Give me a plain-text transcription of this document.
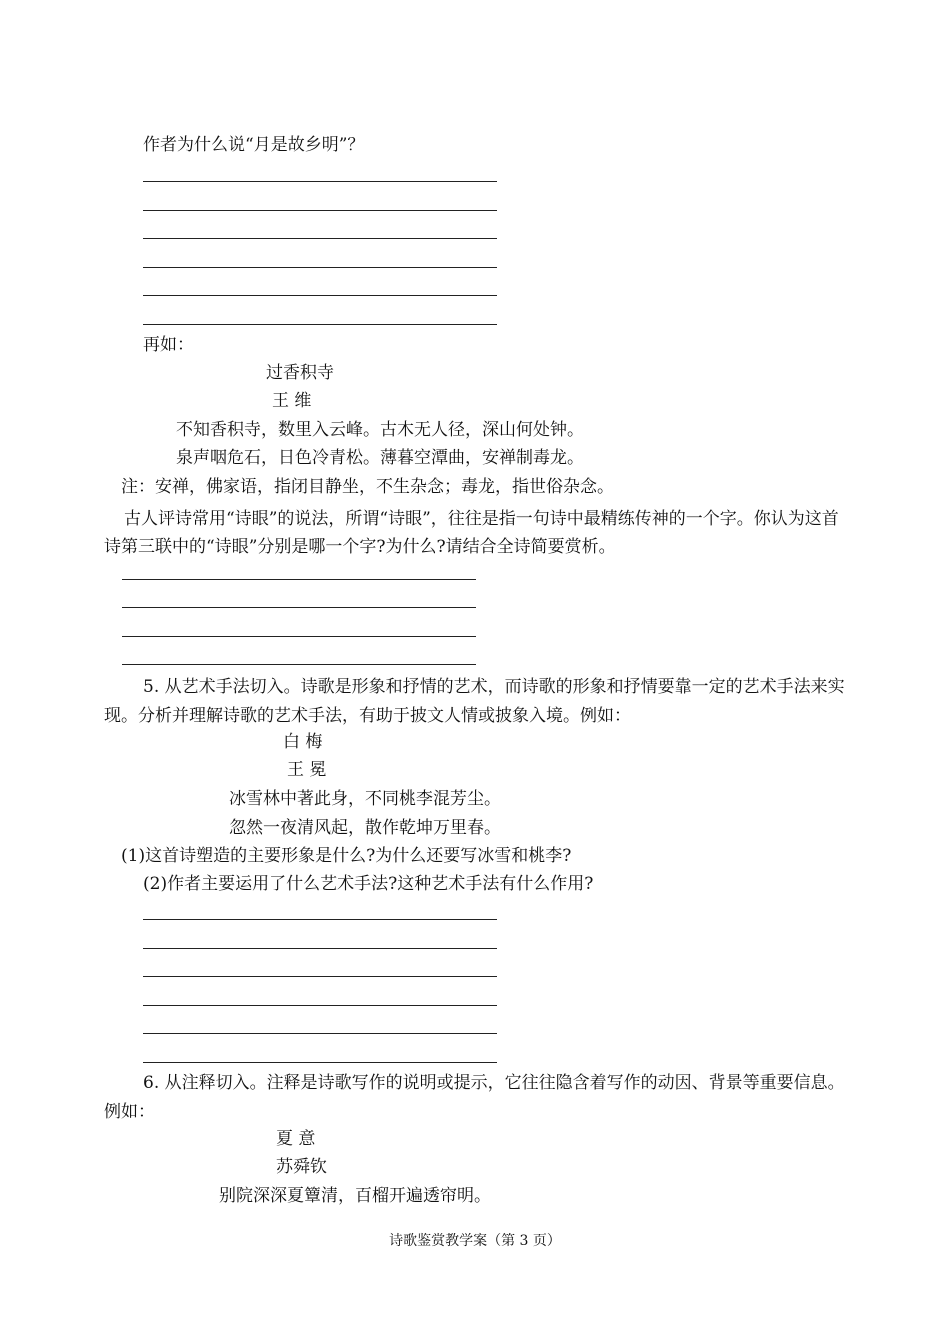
作者为什么说“月是故乡明”？
再如：
过香积寺
王 维
不知香积寺，数里入云峰。古木无人径，深山何处钟。
泉声咽危石，日色冷青松。薄暮空潭曲，安禅制毒龙。
注：安禅，佛家语，指闭目静坐，不生杂念；毒龙，指世俗杂念。
古人评诗常用“诗眼”的说法，所谓“诗眼”，往往是指一句诗中最精练传神的一个字。你认为这首诗第三联中的“诗眼”分别是哪一个字?为什么?请结合全诗简要赏析。
5. 从艺术手法切入。诗歌是形象和抒情的艺术，而诗歌的形象和抒情要靠一定的艺术手法来实现。分析并理解诗歌的艺术手法，有助于披文人情或披象入境。例如：
白 梅
王 冕
冰雪林中著此身，不同桃李混芳尘。
忽然一夜清风起，散作乾坤万里春。
(1)这首诗塑造的主要形象是什么?为什么还要写冰雪和桃李?
(2)作者主要运用了什么艺术手法?这种艺术手法有什么作用?
6. 从注释切入。注释是诗歌写作的说明或提示，它往往隐含着写作的动因、背景等重要信息。例如：
夏 意
苏舜钦
别院深深夏簟清，百榴开遍透帘明。
诗歌鉴赏教学案（第 3 页）
